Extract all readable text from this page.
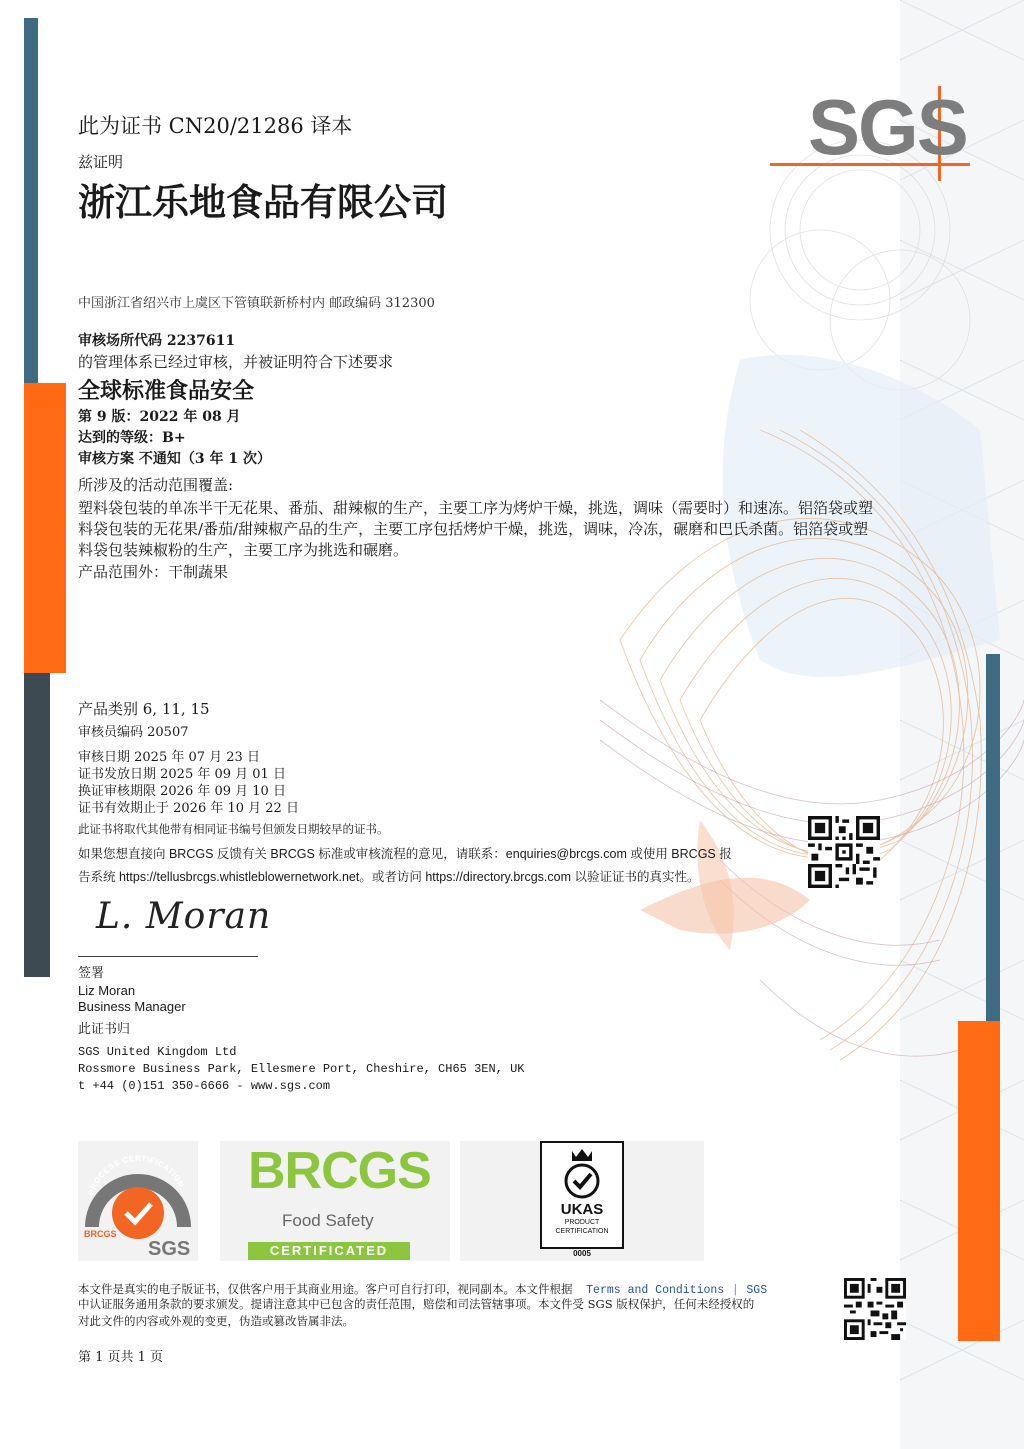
SGS
此为证书 CN20/21286 译本
兹证明
浙江乐地食品有限公司
中国浙江省绍兴市上虞区下管镇联新桥村内 邮政编码 312300
审核场所代码 2237611
的管理体系已经过审核，并被证明符合下述要求
全球标准食品安全
第 9 版：2022 年 08 月
达到的等级：B+
审核方案 不通知（3 年 1 次）
所涉及的活动范围覆盖:
塑料袋包装的单冻半干无花果、番茄、甜辣椒的生产，主要工序为烤炉干燥，挑选，调味（需要时）和速冻。铝箔袋或塑料袋包装的无花果/番茄/甜辣椒产品的生产，主要工序包括烤炉干燥，挑选，调味，冷冻，碾磨和巴氏杀菌。铝箔袋或塑料袋包装辣椒粉的生产，主要工序为挑选和碾磨。
产品范围外：干制蔬果
产品类别 6, 11, 15
审核员编码 20507
审核日期 2025 年 07 月 23 日
证书发放日期 2025 年 09 月 01 日
换证审核期限 2026 年 09 月 10 日
证书有效期止于 2026 年 10 月 22 日
此证书将取代其他带有相同证书编号但颁发日期较早的证书。
如果您想直接向 BRCGS 反馈有关 BRCGS 标准或审核流程的意见，请联系：enquiries@brcgs.com 或使用 BRCGS 报
告系统 https://tellusbrcgs.whistleblowernetwork.net。或者访问 https://directory.brcgs.com 以验证证书的真实性。
L. Moran
签署
Liz Moran
Business Manager
此证书归
SGS United Kingdom Ltd
Rossmore Business Park, Ellesmere Port, Cheshire, CH65 3EN, UK
t +44 (0)151 350-6666 - www.sgs.com
PROCESS CERTIFICATION
BRCGS
SGS
BRCGS
Food Safety
CERTIFICATED
UKAS
PRODUCT
CERTIFICATION
0005
本文件是真实的电子版证书，仅供客户用于其商业用途。客户可自行打印，视同副本。本文件根据 Terms and Conditions | SGS
中认证服务通用条款的要求颁发。提请注意其中已包含的责任范围，赔偿和司法管辖事项。本文件受 SGS 版权保护，任何未经授权的
对此文件的内容或外观的变更，伪造或篡改皆属非法。
第 1 页共 1 页
